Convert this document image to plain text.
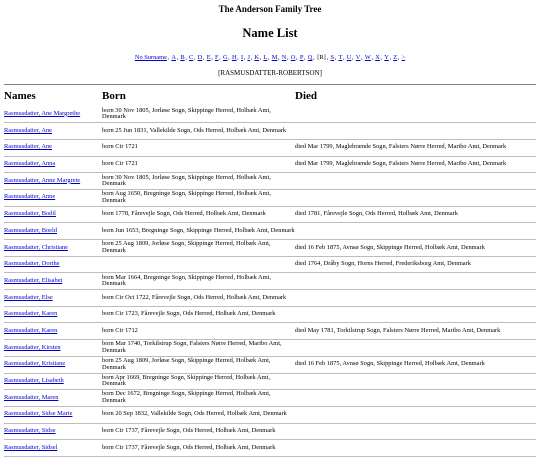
The Anderson Family Tree
Name List
No Surname, A, B, C, D, E, F, G, H, I, J, K, L, M, N, O, P, Q, [R], S, T, U, V, W, X, Y, Z, >
[RASMUSDATTER-ROBERTSON]
Names	Born	Died
Rasmusdatter, Ane Margrethe	born 30 Nov 1805, Jorløse Sogn, Skippinge Herred, Holbæk Amt, Denmark	
Rasmusdatter, Ane	born 25 Jun 1831, Vallekilde Sogn, Ods Herred, Holbæk Amt, Denmark	
Rasmusdatter, Ane	born Cir 1721	died Mar 1799, Maglebrænde Sogn, Falsters Nørre Herred, Maribo Amt, Denmark
Rasmusdatter, Anna	born Cir 1721	died Mar 1799, Maglebrænde Sogn, Falsters Nørre Herred, Maribo Amt, Denmark
Rasmusdatter, Anne Margrete	born 30 Nov 1805, Jorløse Sogn, Skippinge Herred, Holbæk Amt, Denmark	
Rasmusdatter, Anne	born Aug 1650, Bregninge Sogn, Skippinge Herred, Holbæk Amt, Denmark	
Rasmusdatter, Bodil	born 1778, Fårevejle Sogn, Ods Herred, Holbæk Amt, Denmark	died 1781, Fårevejle Sogn, Ods Herred, Holbæk Amt, Denmark
Rasmusdatter, Boeld	born Jun 1653, Bregninge Sogn, Skippinge Herred, Holbæk Amt, Denmark	
Rasmusdatter, Christiane	born 25 Aug 1809, Jorløse Sogn, Skippinge Herred, Holbæk Amt, Denmark	died 16 Feb 1875, Avnsø Sogn, Skippinge Herred, Holbæk Amt, Denmark
Rasmusdatter, Dorthe		died 1764, Dråby Sogn, Horns Herred, Frederiksborg Amt, Denmark
Rasmusdatter, Elisabet	born Mar 1664, Bregninge Sogn, Skippinge Herred, Holbæk Amt, Denmark	
Rasmusdatter, Else	born Cir Oct 1722, Fårevejle Sogn, Ods Herred, Holbæk Amt, Denmark	
Rasmusdatter, Karen	born Cir 1723, Fårevejle Sogn, Ods Herred, Holbæk Amt, Denmark	
Rasmusdatter, Karen	born Cir 1712	died May 1781, Torkilstrup Sogn, Falsters Nørre Herred, Maribo Amt, Denmark
Rasmusdatter, Kirsten	born Mar 1740, Torkilstrup Sogn, Falsters Nørre Herred, Maribo Amt, Denmark	
Rasmusdatter, Kristiane	born 25 Aug 1809, Jorløse Sogn, Skippinge Herred, Holbæk Amt, Denmark	died 16 Feb 1875, Avnsø Sogn, Skippinge Herred, Holbæk Amt, Denmark
Rasmusdatter, Lisabeth	born Apr 1669, Bregninge Sogn, Skippinge Herred, Holbæk Amt, Denmark	
Rasmusdatter, Maren	born Dec 1672, Bregninge Sogn, Skippinge Herred, Holbæk Amt, Denmark	
Rasmusdatter, Sidse Marie	born 20 Sep 1832, Vallekilde Sogn, Ods Herred, Holbæk Amt, Denmark	
Rasmusdatter, Sidse	born Cir 1737, Fårevejle Sogn, Ods Herred, Holbæk Amt, Denmark	
Rasmusdatter, Sidsel	born Cir 1737, Fårevejle Sogn, Ods Herred, Holbæk Amt, Denmark	
